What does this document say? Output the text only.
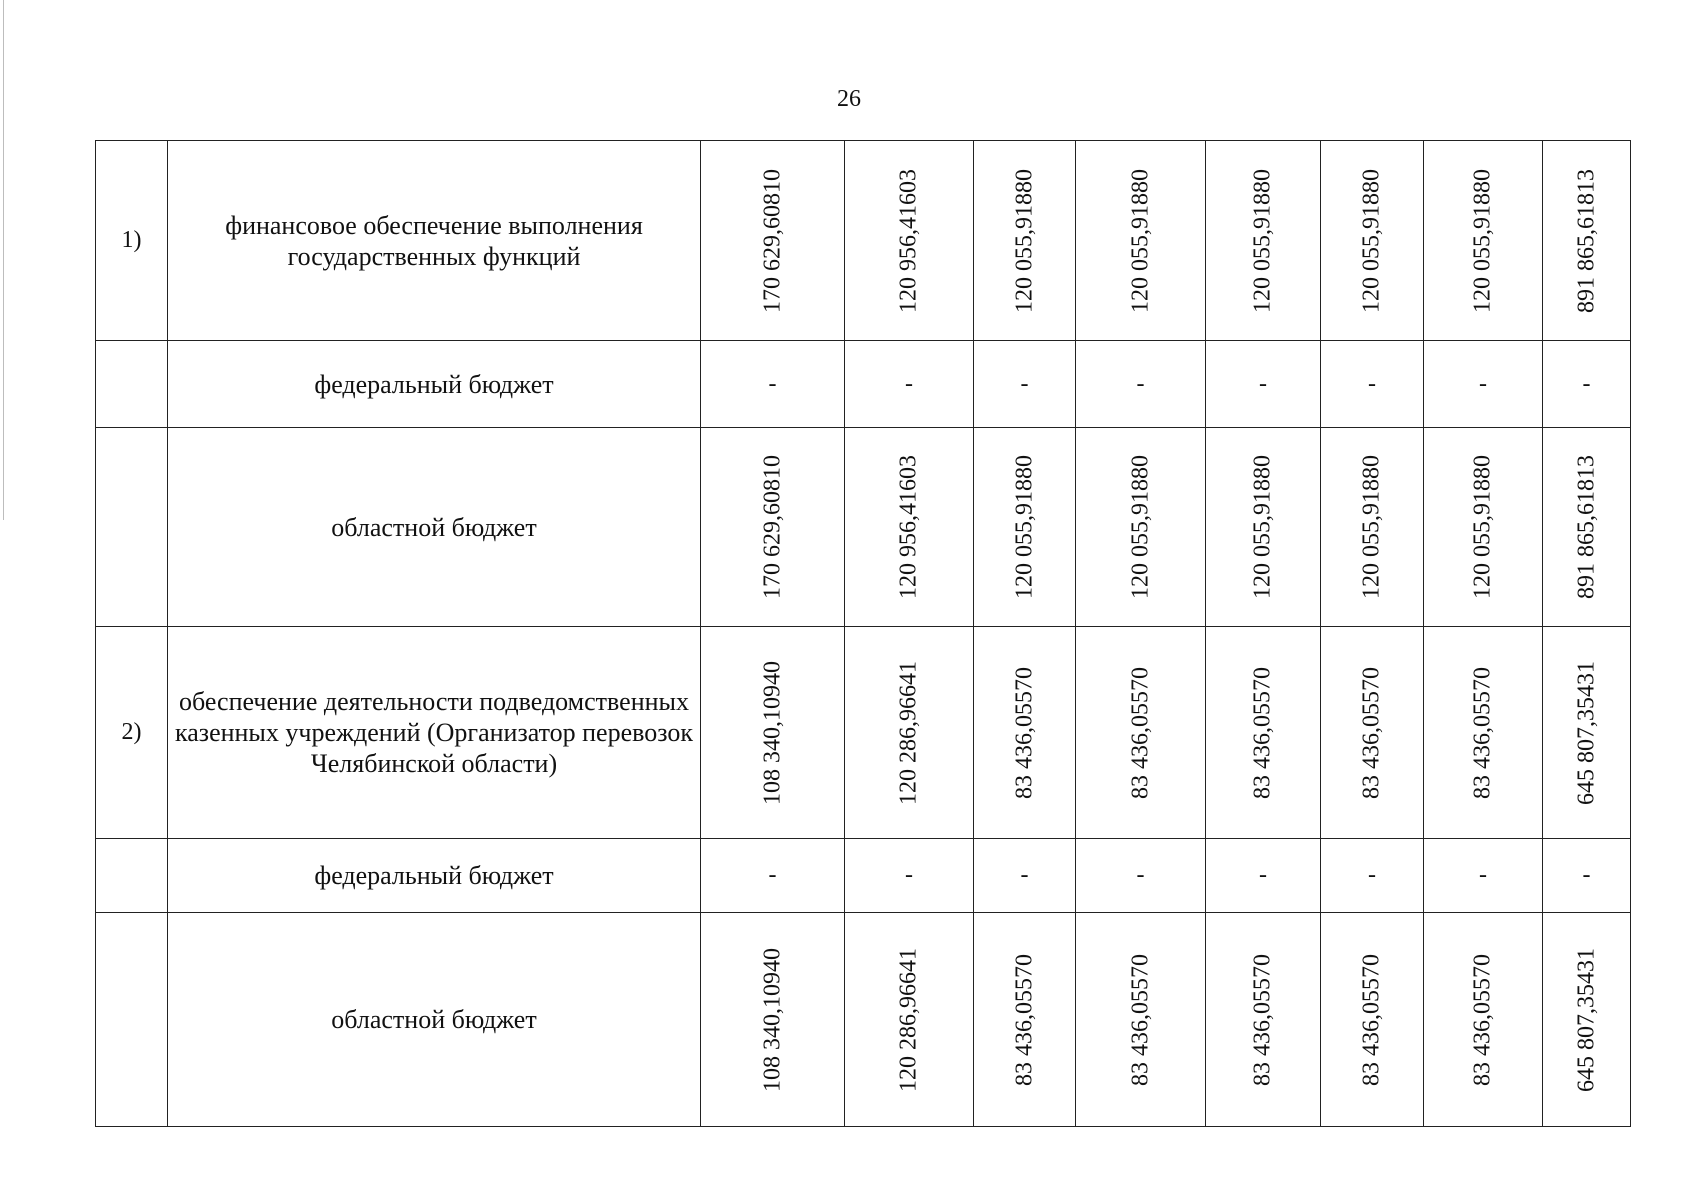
26
1)	финансовое обеспечение выполнения государственных функций	170 629,60810	120 956,41603	120 055,91880	120 055,91880	120 055,91880	120 055,91880	120 055,91880	891 865,61813

	федеральный бюджет	-	-	-	-	-	-	-	-
	областной бюджет	170 629,60810	120 956,41603	120 055,91880	120 055,91880	120 055,91880	120 055,91880	120 055,91880	891 865,61813

2)	обеспечение деятельности подведомственных казенных учреждений (Организатор перевозок Челябинской области)	108 340,10940	120 286,96641	83 436,05570	83 436,05570	83 436,05570	83 436,05570	83 436,05570	645 807,35431

	федеральный бюджет	-	-	-	-	-	-	-	-
	областной бюджет	108 340,10940	120 286,96641	83 436,05570	83 436,05570	83 436,05570	83 436,05570	83 436,05570	645 807,35431
